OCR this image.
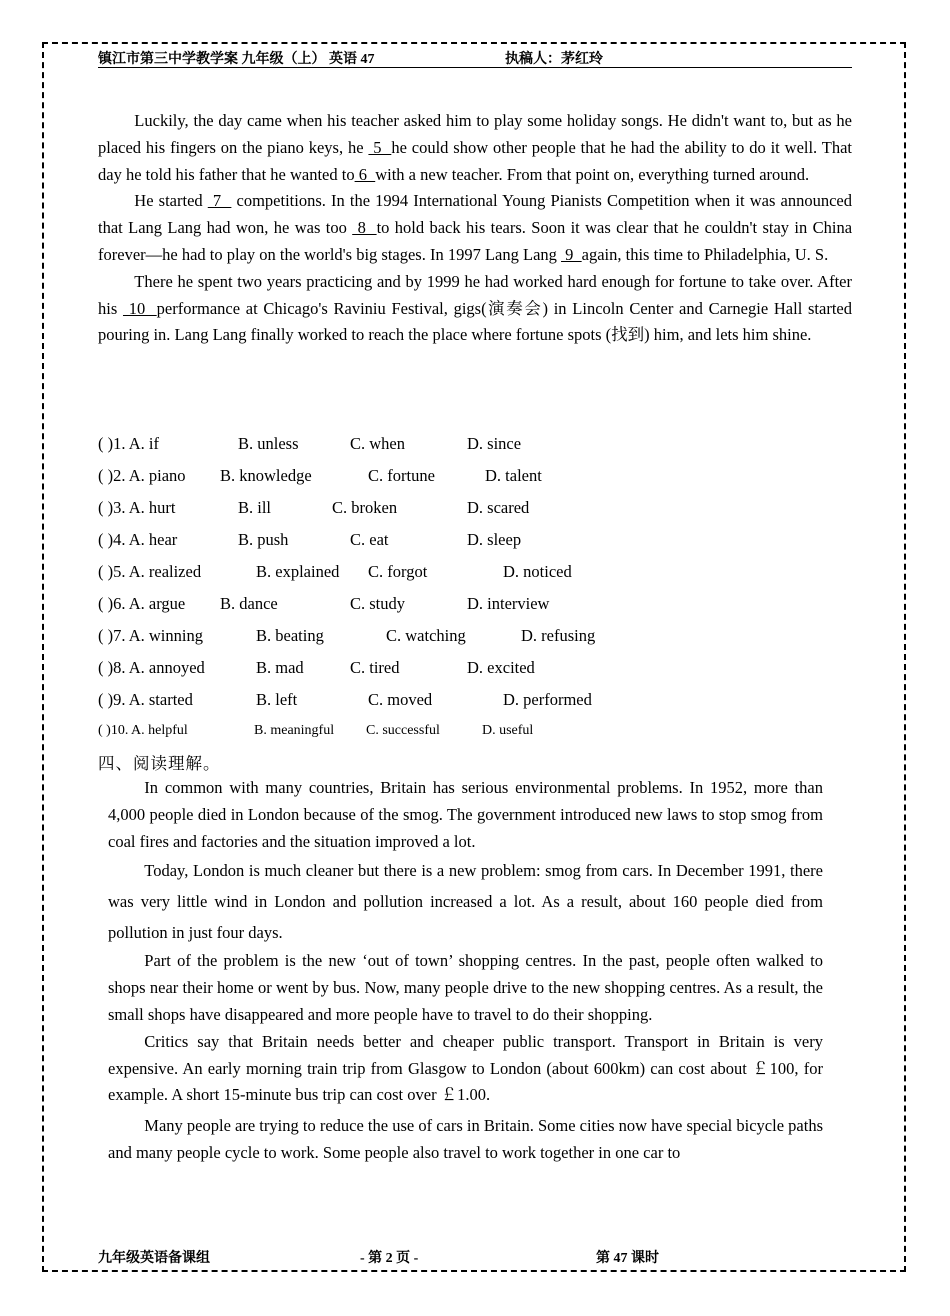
镇江市第三中学教学案 九年级（上） 英语 47	执稿人：茅红玲

Luckily, the day came when his teacher asked him to play some holiday songs. He didn't want to, but as he placed his fingers on the piano keys, he  5  he could show other people that he had the ability to do it well. That day he told his father that he wanted to 6  with a new teacher. From that point on, everything turned around.

He started  7   competitions. In the 1994 International Young Pianists Competition when it was announced that Lang Lang had won, he was too  8  to hold back his tears. Soon it was clear that he couldn't stay in China forever—he had to play on the world's big stages. In 1997 Lang Lang  9  again, this time to Philadelphia, U. S.

There he spent two years practicing and by 1999 he had worked hard enough for fortune to take over. After his  10  performance at Chicago's Raviniu Festival, gigs(演奏会) in Lincoln Center and Carnegie Hall started pouring in. Lang Lang finally worked to reach the place where fortune spots (找到) him, and lets him shine.

( )1. A. if	B. unless	C. when	D. since
( )2. A. piano B. knowledge	C. fortune	D. talent
( )3. A. hurt	B. ill	C. broken	D. scared
( )4. A. hear	B. push	C. eat	D. sleep
( )5. A. realized	B. explained C. forgot	D. noticed
( )6. A. argue B. dance	C. study	D. interview
( )7. A. winning	B. beating	C. watching	D. refusing
( )8. A. annoyed	B. mad	C. tired	D. excited
( )9. A. started	B. left	C. moved	D. performed
( )10. A. helpful	B. meaningful C. successful	D. useful
四、阅读理解。

In common with many countries, Britain has serious environmental problems. In 1952, more than 4,000 people died in London because of the smog. The government introduced new laws to stop smog from coal fires and factories and the situation improved a lot.

Today, London is much cleaner but there is a new problem: smog from cars. In December 1991, there was very little wind in London and pollution increased a lot. As a result, about 160 people died from pollution in just four days.

Part of the problem is the new ‘out of town’ shopping centres. In the past, people often walked to shops near their home or went by bus. Now, many people drive to the new shopping centres. As a result, the small shops have disappeared and more people have to travel to do their shopping.

Critics say that Britain needs better and cheaper public transport. Transport in Britain is very expensive. An early morning train trip from Glasgow to London (about 600km) can cost about ￡100, for example. A short 15-minute bus trip can cost over ￡1.00.

Many people are trying to reduce the use of cars in Britain. Some cities now have special bicycle paths and many people cycle to work. Some people also travel to work together in one car to

九年级英语备课组	- 第 2 页 -	第 47 课时
